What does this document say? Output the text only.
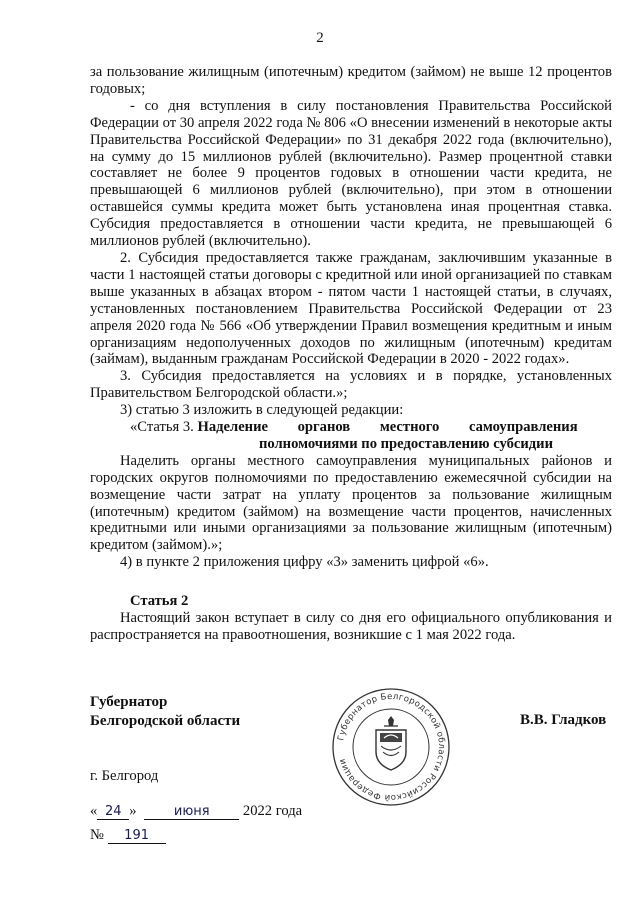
2

за пользование жилищным (ипотечным) кредитом (займом) не выше 12 процентов годовых;

- со дня вступления в силу постановления Правительства Российской Федерации от 30 апреля 2022 года № 806 «О внесении изменений в некоторые акты Правительства Российской Федерации» по 31 декабря 2022 года (включительно), на сумму до 15 миллионов рублей (включительно). Размер процентной ставки составляет не более 9 процентов годовых в отношении части кредита, не превышающей 6 миллионов рублей (включительно), при этом в отношении оставшейся суммы кредита может быть установлена иная процентная ставка. Субсидия предоставляется в отношении части кредита, не превышающей 6 миллионов рублей (включительно).

2. Субсидия предоставляется также гражданам, заключившим указанные в части 1 настоящей статьи договоры с кредитной или иной организацией по ставкам выше указанных в абзацах втором - пятом части 1 настоящей статьи, в случаях, установленных постановлением Правительства Российской Федерации от 23 апреля 2020 года № 566 «Об утверждении Правил возмещения кредитным и иным организациям недополученных доходов по жилищным (ипотечным) кредитам (займам), выданным гражданам Российской Федерации в 2020 - 2022 годах».

3. Субсидия предоставляется на условиях и в порядке, установленных Правительством Белгородской области.»;

3) статью 3 изложить в следующей редакции:

«Статья 3. Наделение органов местного самоуправления

полномочиями по предоставлению субсидии

Наделить органы местного самоуправления муниципальных районов и городских округов полномочиями по предоставлению ежемесячной субсидии на возмещение части затрат на уплату процентов за пользование жилищным (ипотечным) кредитом (займом) на возмещение части процентов, начисленных кредитными или иными организациями за пользование жилищным (ипотечным) кредитом (займом).»;

4) в пункте 2 приложения цифру «3» заменить цифрой «6».

Статья 2

Настоящий закон вступает в силу со дня его официального опубликования и распространяется на правоотношения, возникшие с 1 мая 2022 года.

Губернатор
Белгородской области
Губернатор Белгородской области Российской Федерации
В.В. Гладков
г. Белгород
« 24 »	июня 2022 года
№ 191
